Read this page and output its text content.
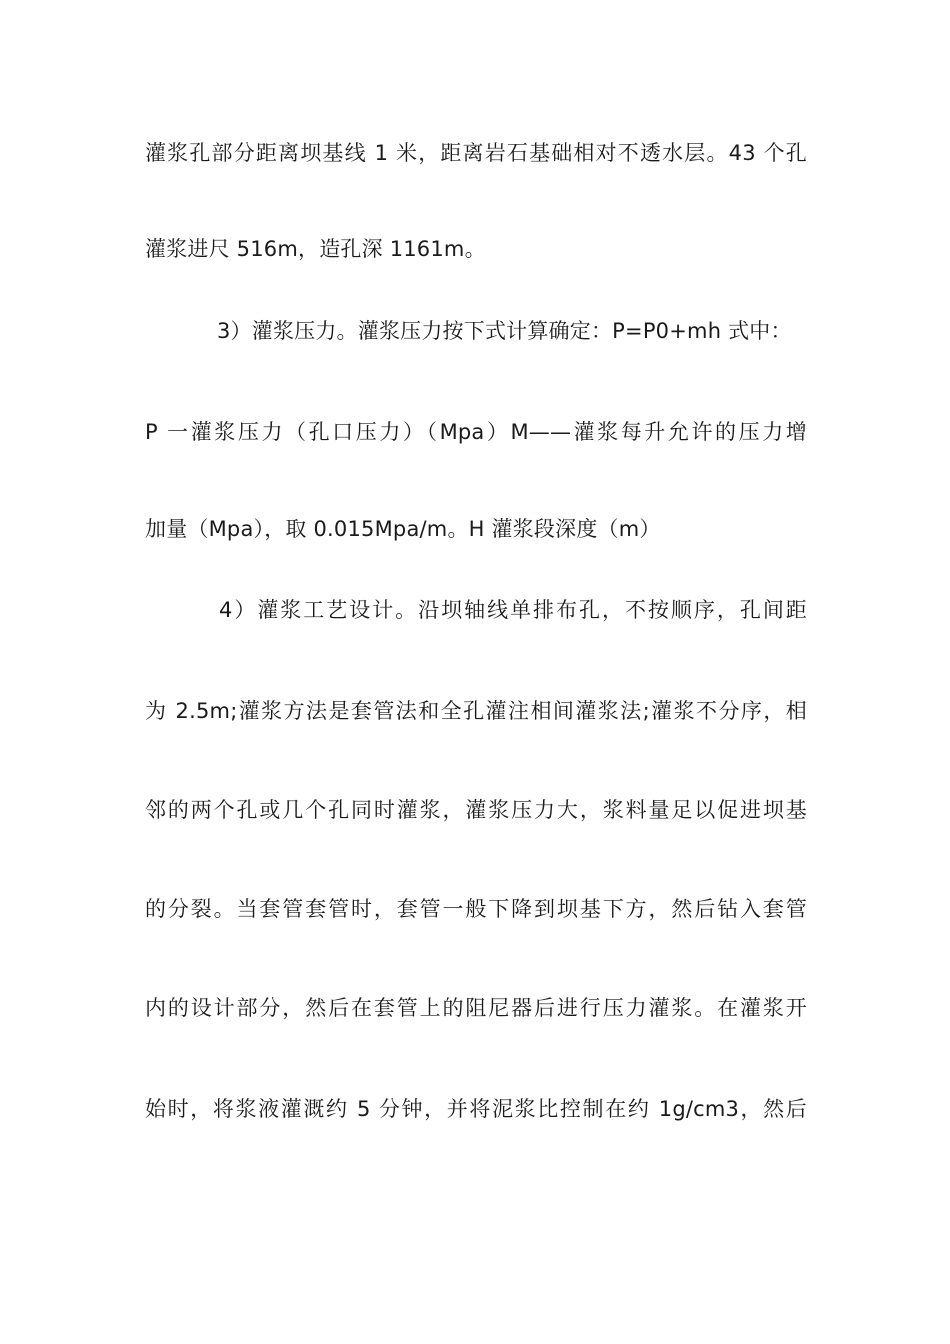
灌浆孔部分距离坝基线 1 米，距离岩石基础相对不透水层。43 个孔
灌浆进尺 516m，造孔深 1161m。
3）灌浆压力。灌浆压力按下式计算确定：P=P0+mh 式中：
P 一灌浆压力（孔口压力）（Mpa）M——灌浆每升允许的压力增
加量（Mpa），取 0.015Mpa/m。H 灌浆段深度（m）
4）灌浆工艺设计。沿坝轴线单排布孔，不按顺序，孔间距
为 2.5m;灌浆方法是套管法和全孔灌注相间灌浆法;灌浆不分序，相
邻的两个孔或几个孔同时灌浆，灌浆压力大，浆料量足以促进坝基
的分裂。当套管套管时，套管一般下降到坝基下方，然后钻入套管
内的设计部分，然后在套管上的阻尼器后进行压力灌浆。在灌浆开
始时，将浆液灌溉约 5 分钟，并将泥浆比控制在约 1g/cm3，然后
